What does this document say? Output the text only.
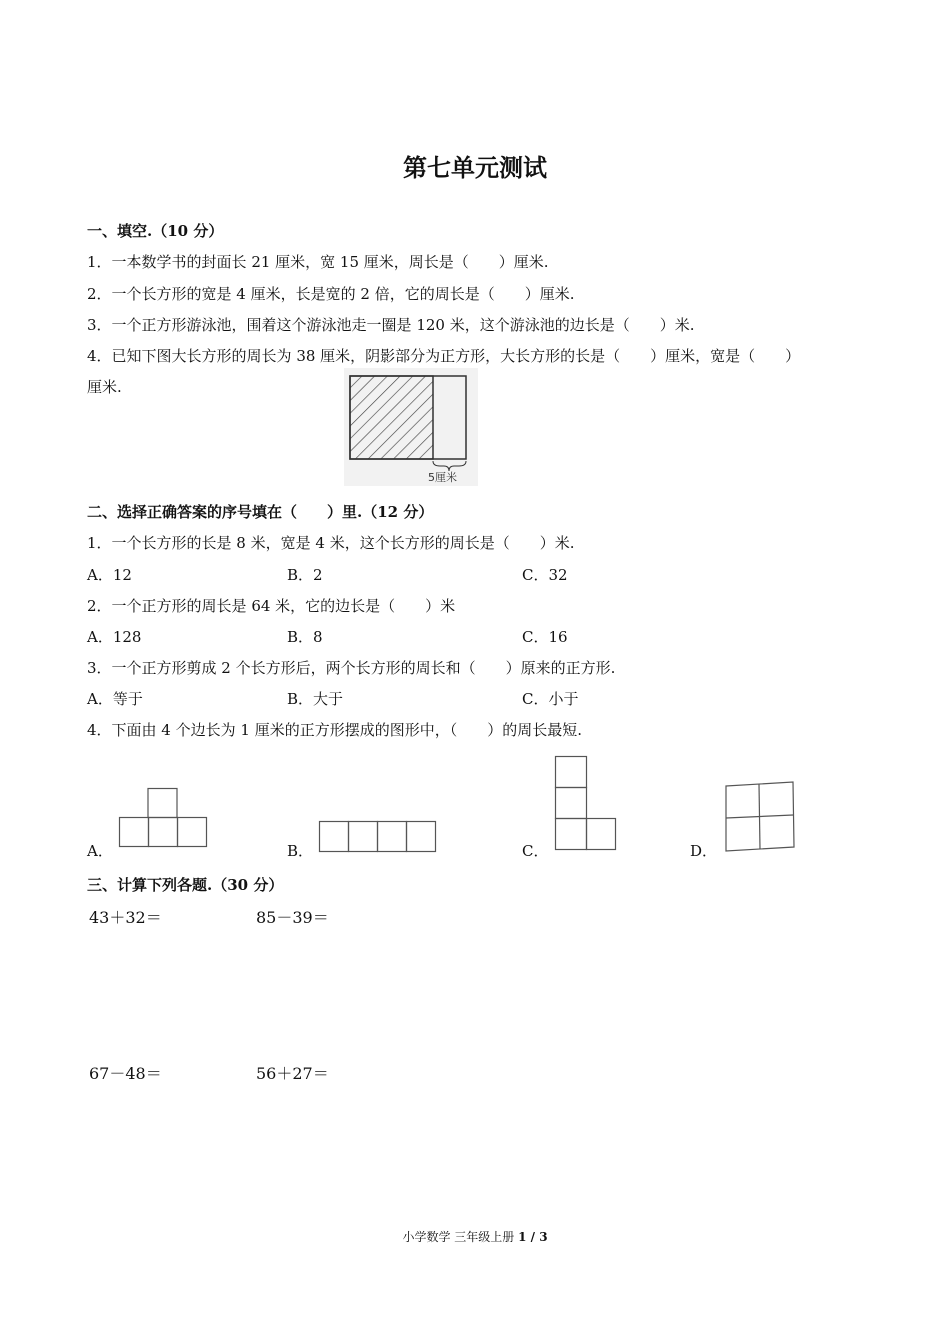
第七单元测试
一、填空.（10 分）
1．一本数学书的封面长 21 厘米，宽 15 厘米，周长是（　　）厘米.
2．一个长方形的宽是 4 厘米，长是宽的 2 倍，它的周长是（　　）厘米.
3．一个正方形游泳池，围着这个游泳池走一圈是 120 米，这个游泳池的边长是（　　）米.
4．已知下图大长方形的周长为 38 厘米，阴影部分为正方形，大长方形的长是（　　）厘米，宽是（　　）
厘米.
5厘米
二、选择正确答案的序号填在（　　）里.（12 分）
1．一个长方形的长是 8 米，宽是 4 米，这个长方形的周长是（　　）米.
A．12	B．2	C．32
2．一个正方形的周长是 64 米，它的边长是（　　）米
A．128	B．8	C．16
3．一个正方形剪成 2 个长方形后，两个长方形的周长和（　　）原来的正方形.
A．等于	B．大于	C．小于
4．下面由 4 个边长为 1 厘米的正方形摆成的图形中，（　　）的周长最短.
A．	B．	C．	D．
三、计算下列各题.（30 分）
43＋32＝	85－39＝
67－48＝	56＋27＝
小学数学 三年级上册 1 / 3
